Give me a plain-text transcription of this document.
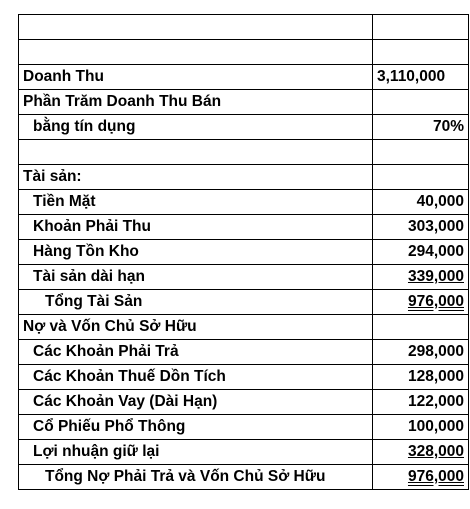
Doanh Thu	3,110,000
Phần Trăm Doanh Thu Bán	
bằng tín dụng	70%

Tài sản:	
Tiền Mặt	40,000
Khoản Phải Thu	303,000
Hàng Tồn Kho	294,000
Tài sản dài hạn	339,000
Tổng Tài Sản	976,000
Nợ và Vốn Chủ Sở Hữu	
Các Khoản Phải Trả	298,000
Các Khoản Thuế Dồn Tích	128,000
Các Khoản Vay (Dài Hạn)	122,000
Cổ Phiếu Phổ Thông	100,000
Lợi nhuận giữ lại	328,000
Tổng Nợ Phải Trả và Vốn Chủ Sở Hữu	976,000
